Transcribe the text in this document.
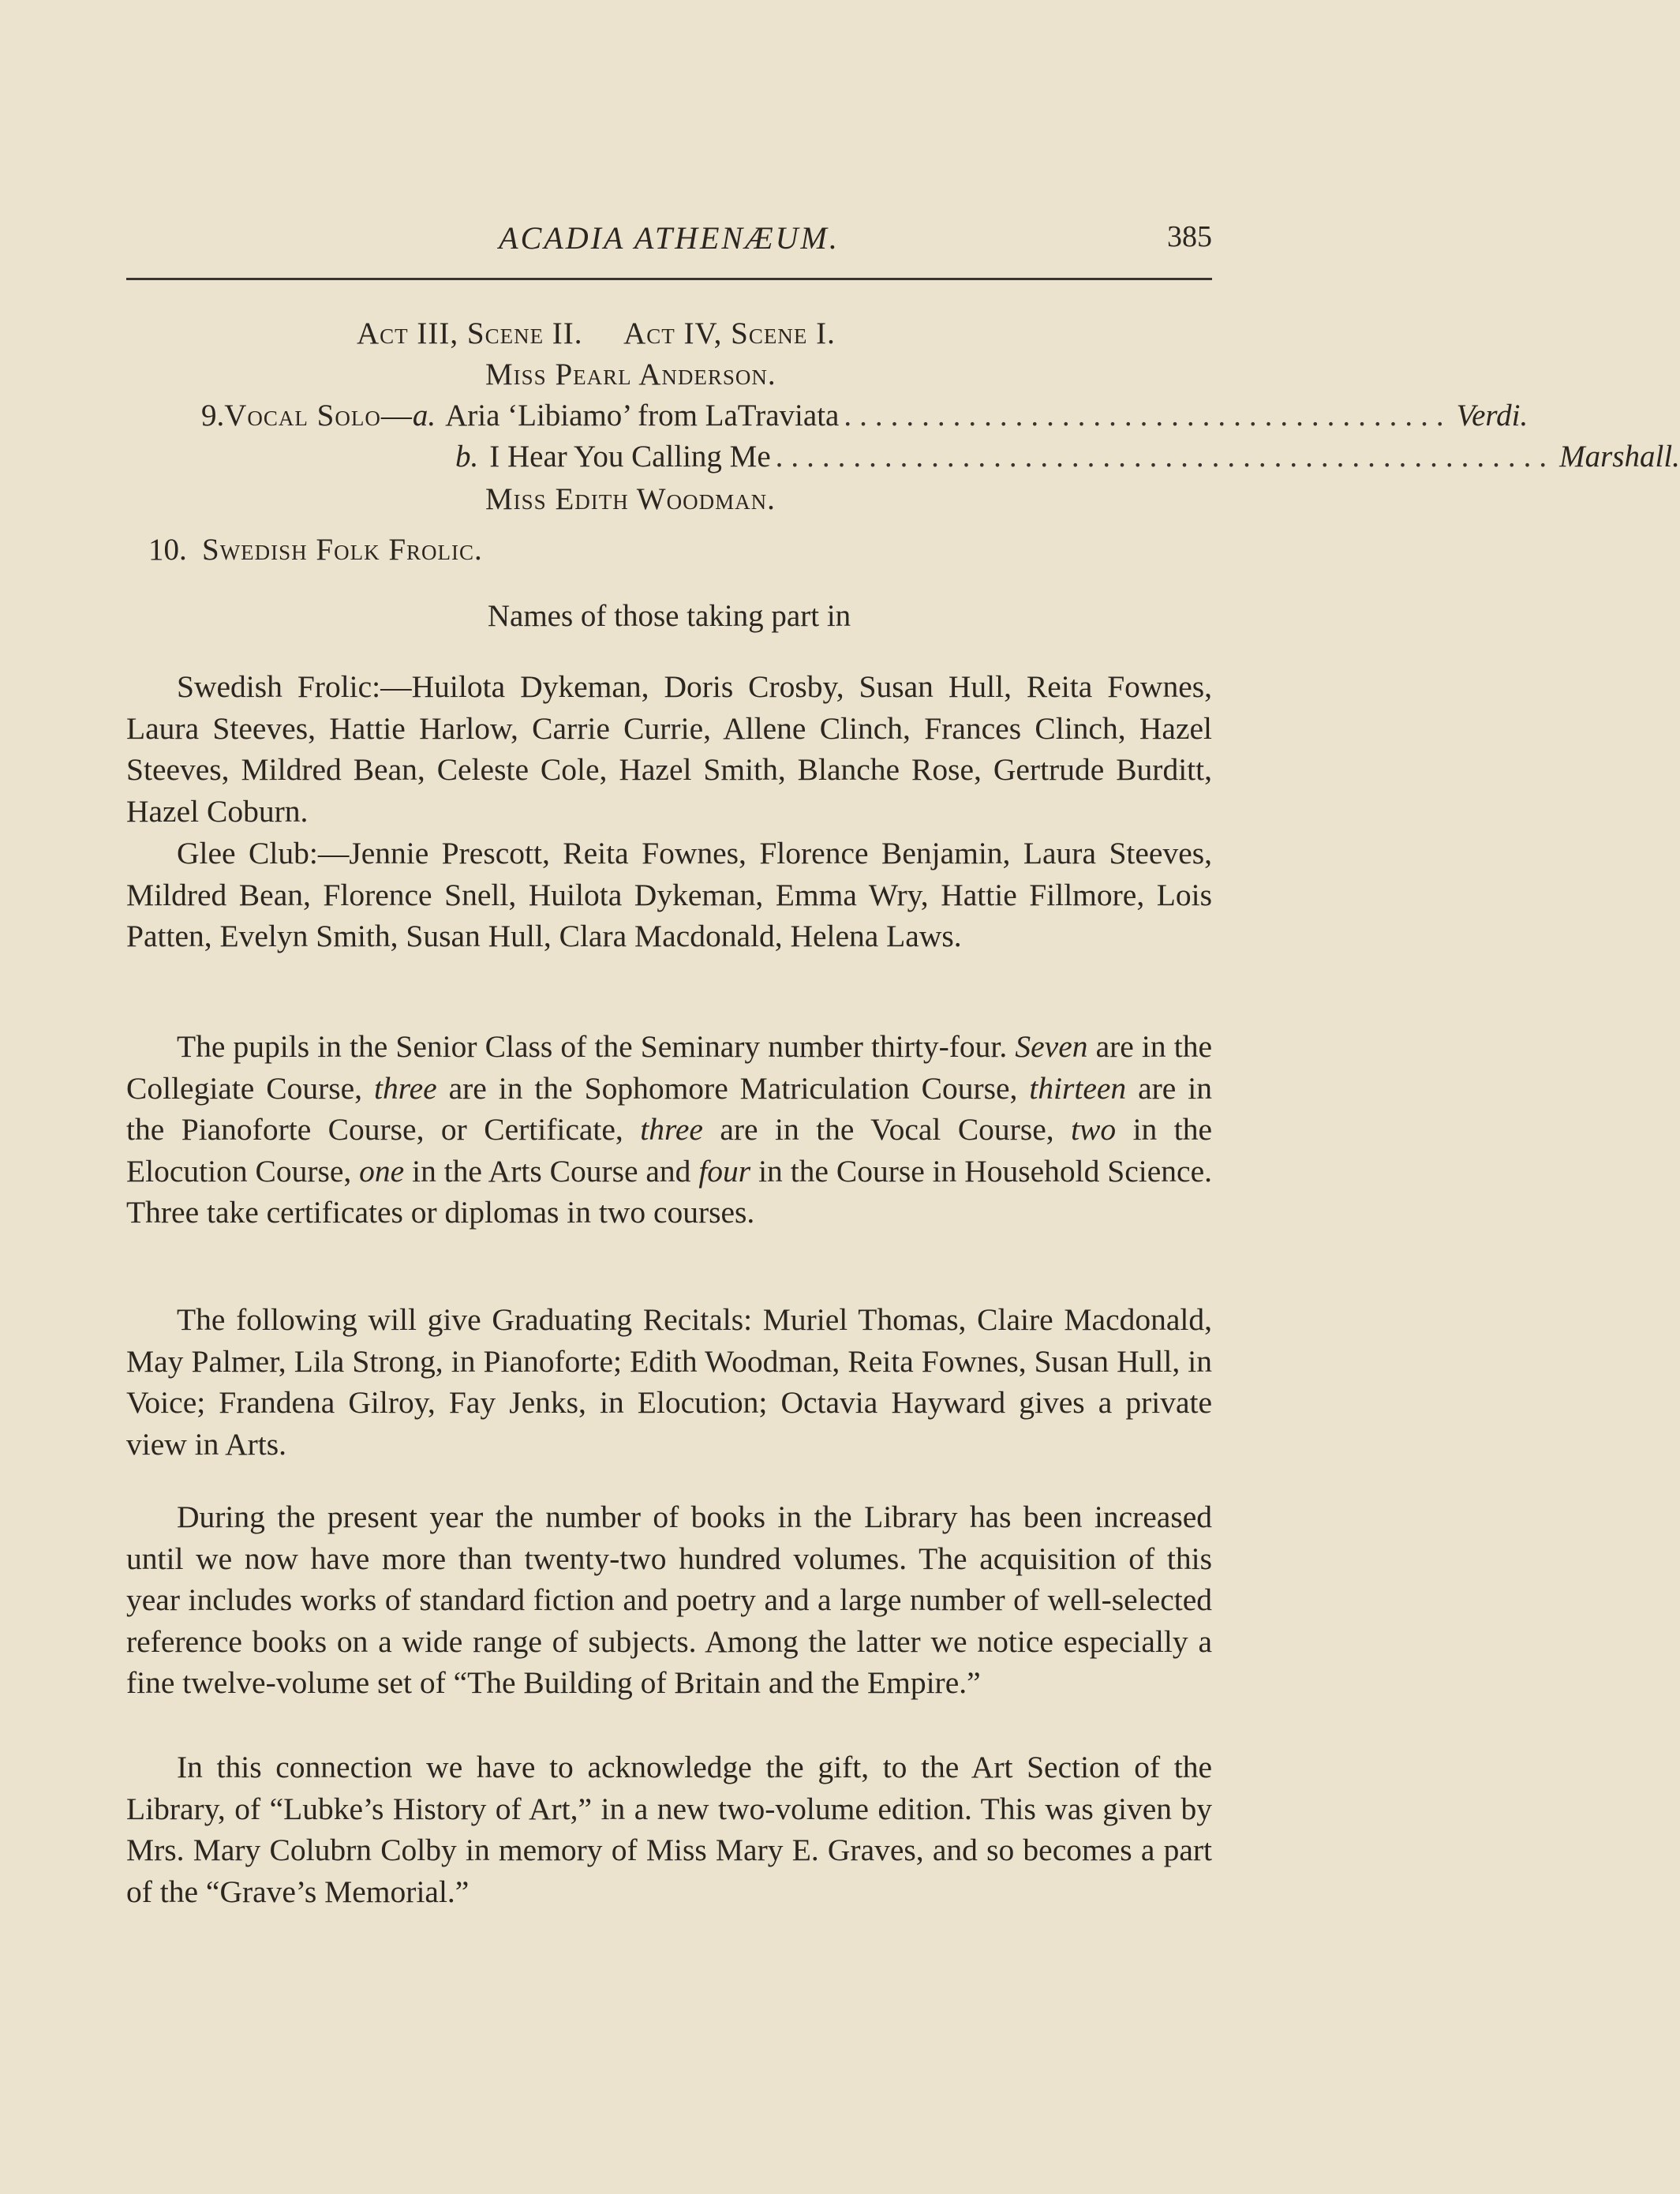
ACADIA ATHENÆUM.	385
Act III, Scene II.     Act IV, Scene I.
Miss Pearl Anderson.
9. Vocal Solo— a. Aria ‘Libiamo’ from LaTraviata ....................................... Verdi.
b. I Hear You Calling Me .................................................. Marshall.
Miss Edith Woodman.
10. Swedish Folk Frolic.
Names of those taking part in

Swedish Frolic:—Huilota Dykeman, Doris Crosby, Susan Hull, Reita Fownes, Laura Steeves, Hattie Harlow, Carrie Currie, Allene Clinch, Frances Clinch, Hazel Steeves, Mildred Bean, Celeste Cole, Hazel Smith, Blanche Rose, Gertrude Burditt, Hazel Coburn.

Glee Club:—Jennie Prescott, Reita Fownes, Florence Benjamin, Laura Steeves, Mildred Bean, Florence Snell, Huilota Dykeman, Emma Wry, Hattie Fillmore, Lois Patten, Evelyn Smith, Susan Hull, Clara Macdonald, Helena Laws.

The pupils in the Senior Class of the Seminary number thirty-four. Seven are in the Collegiate Course, three are in the Sophomore Matriculation Course, thirteen are in the Pianoforte Course, or Certificate, three are in the Vocal Course, two in the Elocution Course, one in the Arts Course and four in the Course in Household Science. Three take certificates or diplomas in two courses.

The following will give Graduating Recitals: Muriel Thomas, Claire Macdonald, May Palmer, Lila Strong, in Pianoforte; Edith Woodman, Reita Fownes, Susan Hull, in Voice; Frandena Gilroy, Fay Jenks, in Elocution; Octavia Hayward gives a private view in Arts.

During the present year the number of books in the Library has been increased until we now have more than twenty-two hundred volumes. The acquisition of this year includes works of standard fiction and poetry and a large number of well-selected reference books on a wide range of subjects. Among the latter we notice especially a fine twelve-volume set of “The Building of Britain and the Empire.”

In this connection we have to acknowledge the gift, to the Art Section of the Library, of “Lubke’s History of Art,” in a new two-volume edition. This was given by Mrs. Mary Colubrn Colby in memory of Miss Mary E. Graves, and so becomes a part of the “Grave’s Memorial.”
